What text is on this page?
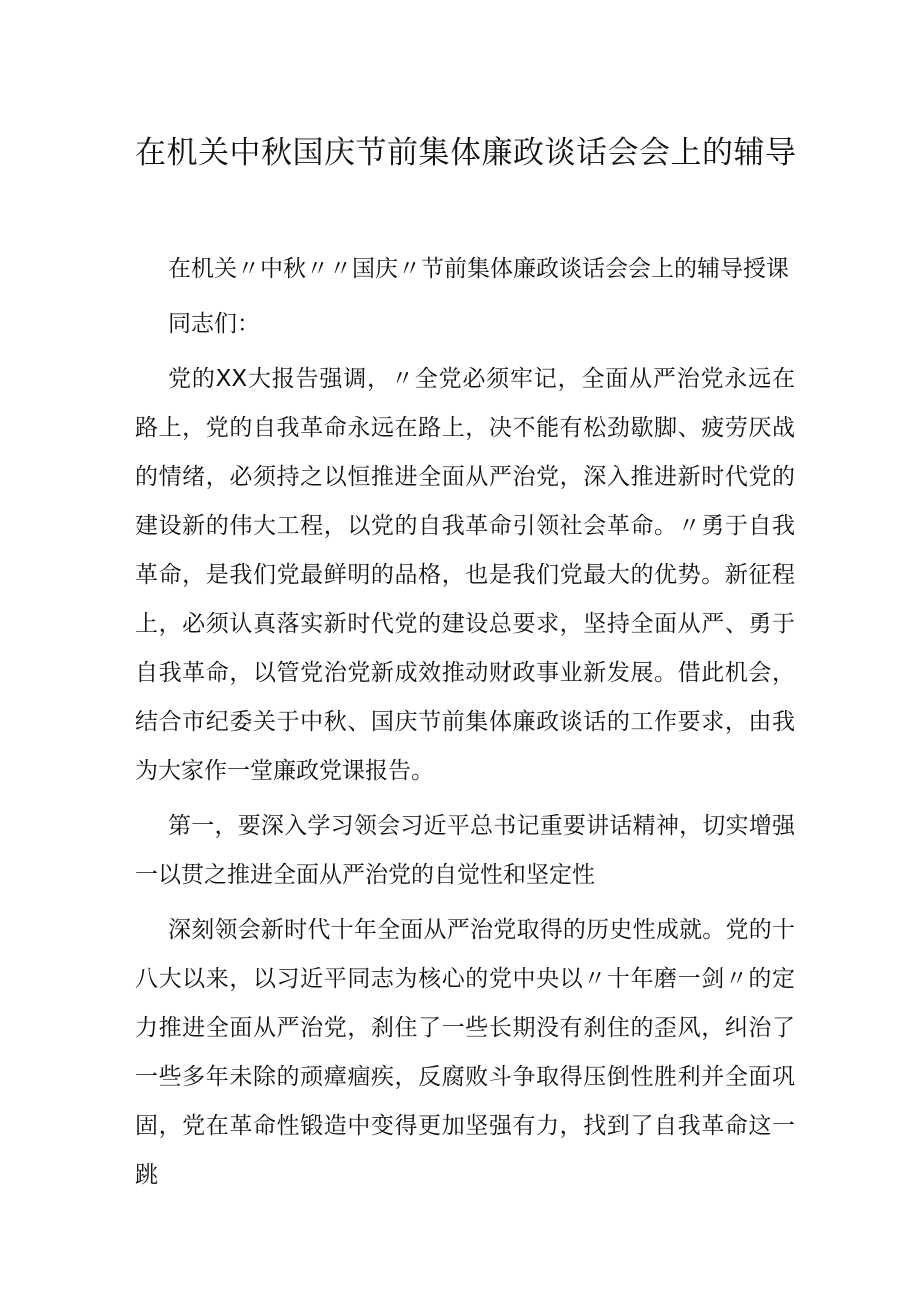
在机关中秋国庆节前集体廉政谈话会会上的辅导

在机关〃中秋〃〃国庆〃节前集体廉政谈话会会上的辅导授课

同志们：

党的XX大报告强调，〃全党必须牢记，全面从严治党永远在路上，党的自我革命永远在路上，决不能有松劲歇脚、疲劳厌战的情绪，必须持之以恒推进全面从严治党，深入推进新时代党的建设新的伟大工程，以党的自我革命引领社会革命。〃勇于自我革命，是我们党最鲜明的品格，也是我们党最大的优势。新征程上，必须认真落实新时代党的建设总要求，坚持全面从严、勇于自我革命，以管党治党新成效推动财政事业新发展。借此机会，结合市纪委关于中秋、国庆节前集体廉政谈话的工作要求，由我为大家作一堂廉政党课报告。

第一，要深入学习领会习近平总书记重要讲话精神，切实增强一以贯之推进全面从严治党的自觉性和坚定性

深刻领会新时代十年全面从严治党取得的历史性成就。党的十八大以来，以习近平同志为核心的党中央以〃十年磨一剑〃的定力推进全面从严治党，刹住了一些长期没有刹住的歪风，纠治了一些多年未除的顽瘴痼疾，反腐败斗争取得压倒性胜利并全面巩固，党在革命性锻造中变得更加坚强有力，找到了自我革命这一跳
